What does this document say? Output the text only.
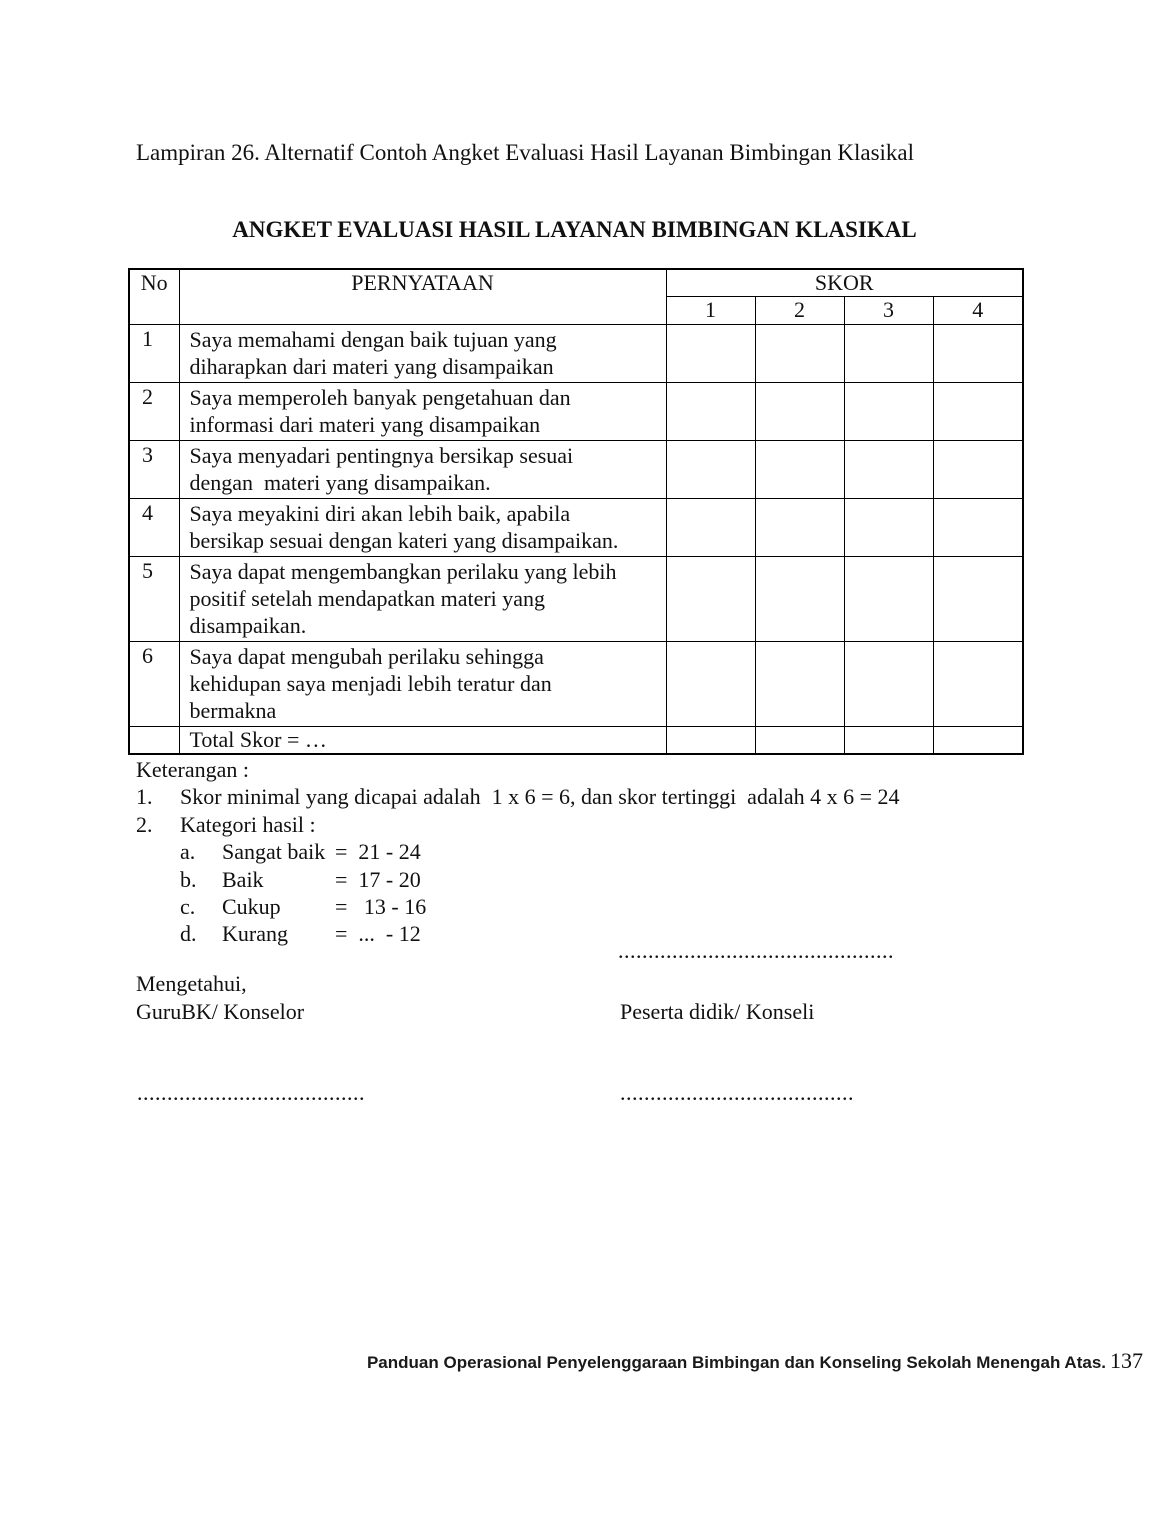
Lampiran 26. Alternatif Contoh Angket Evaluasi Hasil Layanan Bimbingan Klasikal
ANGKET EVALUASI HASIL LAYANAN BIMBINGAN KLASIKAL
No	PERNYATAAN	SKOR			
		1	2	3	4
1	Saya memahami dengan baik tujuan yang diharapkan dari materi yang disampaikan				
2	Saya memperoleh banyak pengetahuan dan informasi dari materi yang disampaikan				
3	Saya menyadari pentingnya bersikap sesuai dengan  materi yang disampaikan.				
4	Saya meyakini diri akan lebih baik, apabila bersikap sesuai dengan kateri yang disampaikan.				
5	Saya dapat mengembangkan perilaku yang lebih positif setelah mendapatkan materi yang disampaikan.				
6	Saya dapat mengubah perilaku sehingga kehidupan saya menjadi lebih teratur dan bermakna				
	Total Skor = …				
Keterangan :
1.	Skor minimal yang dicapai adalah  1 x 6 = 6, dan skor tertinggi  adalah 4 x 6 = 24
2.	Kategori hasil :
a.	Sangat baik =  21 - 24
b.	Baik	=  17 - 20
c.	Cukup	=   13 - 16
d.	Kurang	=  ...  - 12
..............................................
Mengetahui,
GuruBK/ Konselor	Peserta didik/ Konseli
......................................	.......................................
Panduan Operasional Penyelenggaraan Bimbingan dan Konseling Sekolah Menengah Atas. 137
